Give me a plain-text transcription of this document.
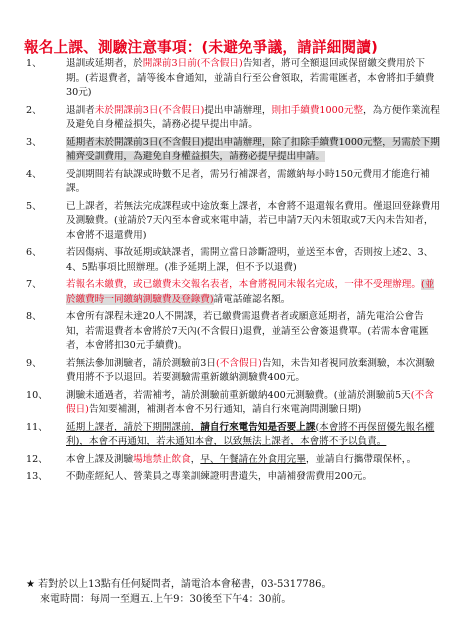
報名上課、測驗注意事項：(未避免爭議，請詳細閱讀)
1、	退訓或延期者，於開課前3日前(不含假日)告知者，將可全額退回或保留繳交費用於下期。(若退費者，請等後本會通知，並請自行至公會領取，若需電匯者，本會將扣手續費30元)
2、	退訓者未於開課前3日(不含假日)提出申請辦理，則扣手續費1000元整，為方便作業流程及避免自身權益損失，請務必提早提出申請。
3、	延期者未於開課前3日(不含假日)提出申請辦理，除了扣除手續費1000元整，另需於下期補齊受訓費用，為避免自身權益損失，請務必提早提出申請。
4、	受訓期間若有缺課或時數不足者，需另行補課者，需繳納每小時150元費用才能進行補課。
5、	已上課者，若無法完成課程或中途放棄上課者，本會將不退還報名費用。僅退回登錄費用及測驗費。(並請於7天內至本會或來電申請，若已申請7天內未領取或7天內未告知者，本會將不退還費用)
6、	若因傷病、事故延期或缺課者，需開立當日診斷證明，並送至本會，否則按上述2、3、4、5點事項比照辦理。(准予延期上課，但不予以退費)
7、	若報名未繳費，或已繳費未交報名表者，本會將視同未報名完成，一律不受理辦理。(並於繳費時一同繳納測驗費及登錄費)請電話確認名額。
8、	本會所有課程未達20人不開課，若已繳費需退費者者或願意延期者，請先電洽公會告知，若需退費者本會將於7天內(不含假日)退費，並請至公會簽退費單。(若需本會電匯者，本會將扣30元手續費)。
9、	若無法參加測驗者，請於測驗前3日(不含假日)告知，未告知者視同放棄測驗，本次測驗費用將不予以退回。若要測驗需重新繳納測驗費400元。
10、 測驗未通過者，若需補考，請於測驗前重新繳納400元測驗費。(並請於測驗前5天(不含假日)告知要補測，補測者本會不另行通知，請自行來電詢問測驗日期)
11、 延期上課者，請於下期開課前，請自行來電告知是否要上課(本會將不再保留優先報名權利)，本會不再通知，若未通知本會，以致無法上課者，本會將不予以負責。
12、 本會上課及測驗場地禁止飲食，早、午餐請在外食用完畢，並請自行攜帶環保杯，。
13、 不動產經紀人、營業員之專業訓練證明書遺失，申請補發需費用200元。
★ 若對於以上13點有任何疑問者，請電洽本會秘書，03-5317786。
來電時間：每周一至週五.上午9：30後至下午4：30前。
